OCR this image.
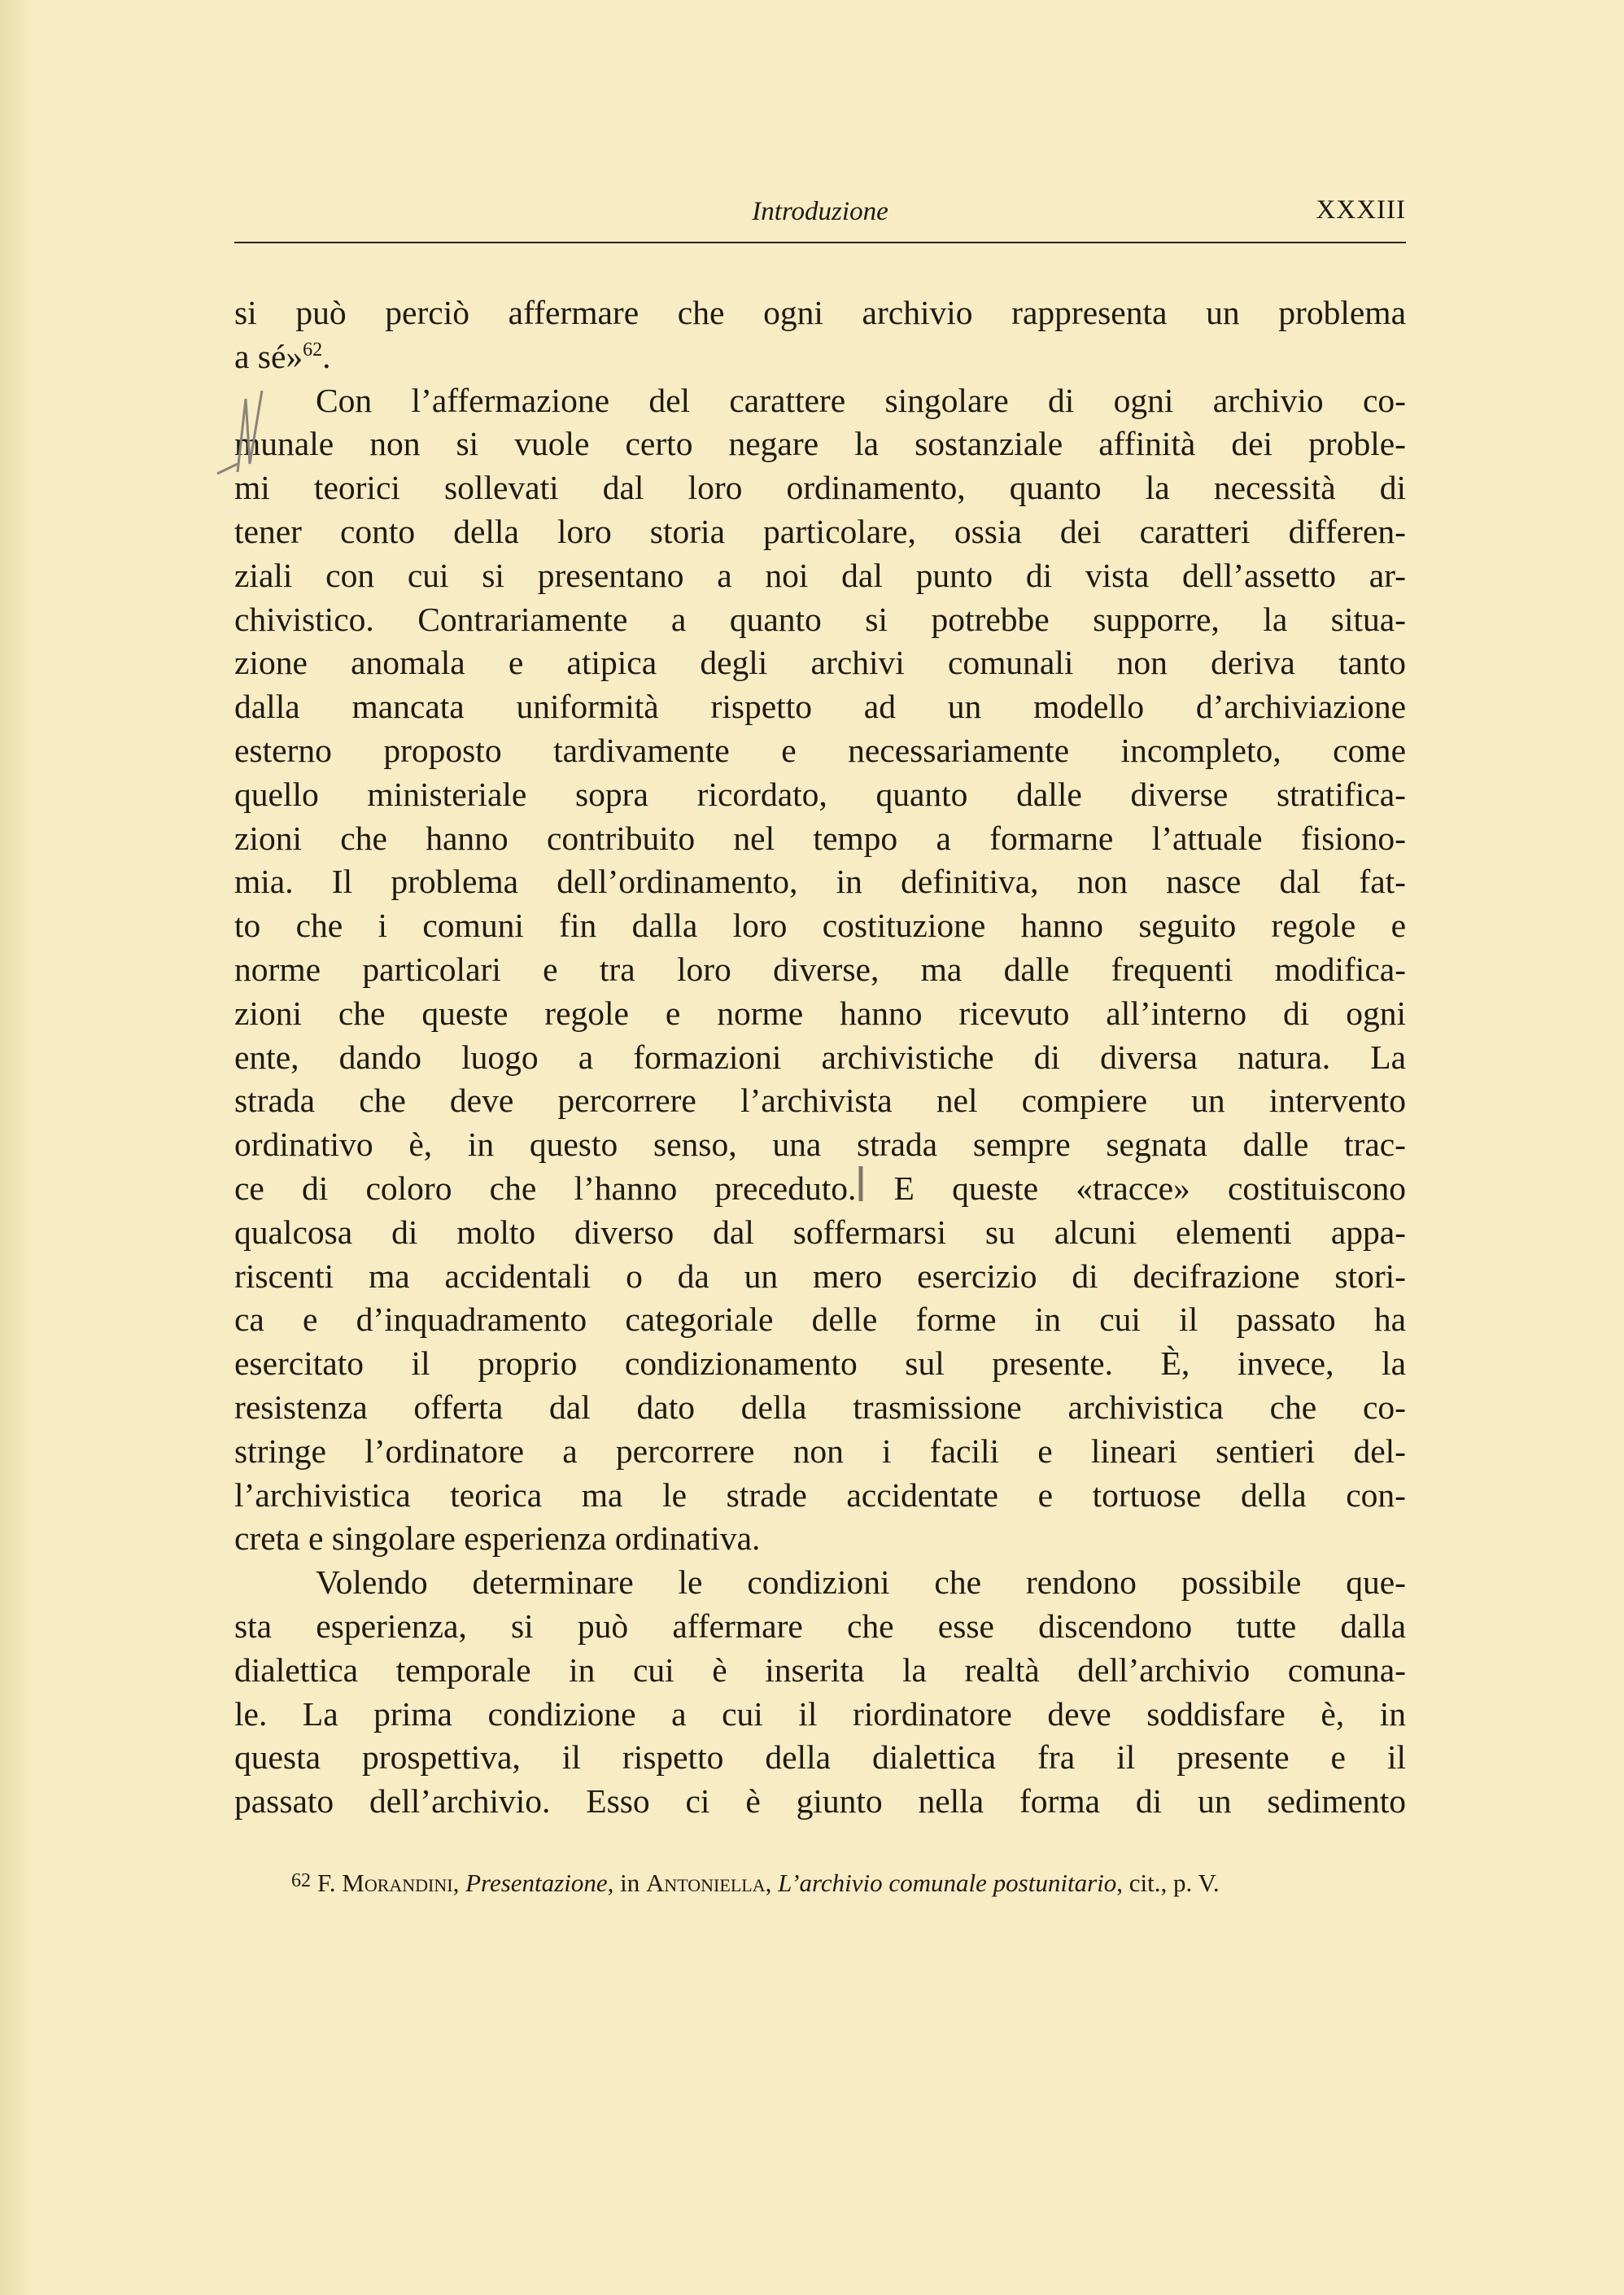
Introduzione	XXXIII
si può perciò affermare che ogni archivio rappresenta un problema
a sé»$^{62}$.
Con l’affermazione del carattere singolare di ogni archivio co-
munale non si vuole certo negare la sostanziale affinità dei proble-
mi teorici sollevati dal loro ordinamento, quanto la necessità di
tener conto della loro storia particolare, ossia dei caratteri differen-
ziali con cui si presentano a noi dal punto di vista dell’assetto ar-
chivistico. Contrariamente a quanto si potrebbe supporre, la situa-
zione anomala e atipica degli archivi comunali non deriva tanto
dalla mancata uniformità rispetto ad un modello d’archiviazione
esterno proposto tardivamente e necessariamente incompleto, come
quello ministeriale sopra ricordato, quanto dalle diverse stratifica-
zioni che hanno contribuito nel tempo a formarne l’attuale fisiono-
mia. Il problema dell’ordinamento, in definitiva, non nasce dal fat-
to che i comuni fin dalla loro costituzione hanno seguito regole e
norme particolari e tra loro diverse, ma dalle frequenti modifica-
zioni che queste regole e norme hanno ricevuto all’interno di ogni
ente, dando luogo a formazioni archivistiche di diversa natura. La
strada che deve percorrere l’archivista nel compiere un intervento
ordinativo è, in questo senso, una strada sempre segnata dalle trac-
ce di coloro che l’hanno preceduto. E queste «tracce» costituiscono
qualcosa di molto diverso dal soffermarsi su alcuni elementi appa-
riscenti ma accidentali o da un mero esercizio di decifrazione stori-
ca e d’inquadramento categoriale delle forme in cui il passato ha
esercitato il proprio condizionamento sul presente. È, invece, la
resistenza offerta dal dato della trasmissione archivistica che co-
stringe l’ordinatore a percorrere non i facili e lineari sentieri del-
l’archivistica teorica ma le strade accidentate e tortuose della con-
creta e singolare esperienza ordinativa.
Volendo determinare le condizioni che rendono possibile que-
sta esperienza, si può affermare che esse discendono tutte dalla
dialettica temporale in cui è inserita la realtà dell’archivio comuna-
le. La prima condizione a cui il riordinatore deve soddisfare è, in
questa prospettiva, il rispetto della dialettica fra il presente e il
passato dell’archivio. Esso ci è giunto nella forma di un sedimento
$^{62}$ F. Morandini, Presentazione, in Antoniella, L’archivio comunale postunitario, cit., p. V.
